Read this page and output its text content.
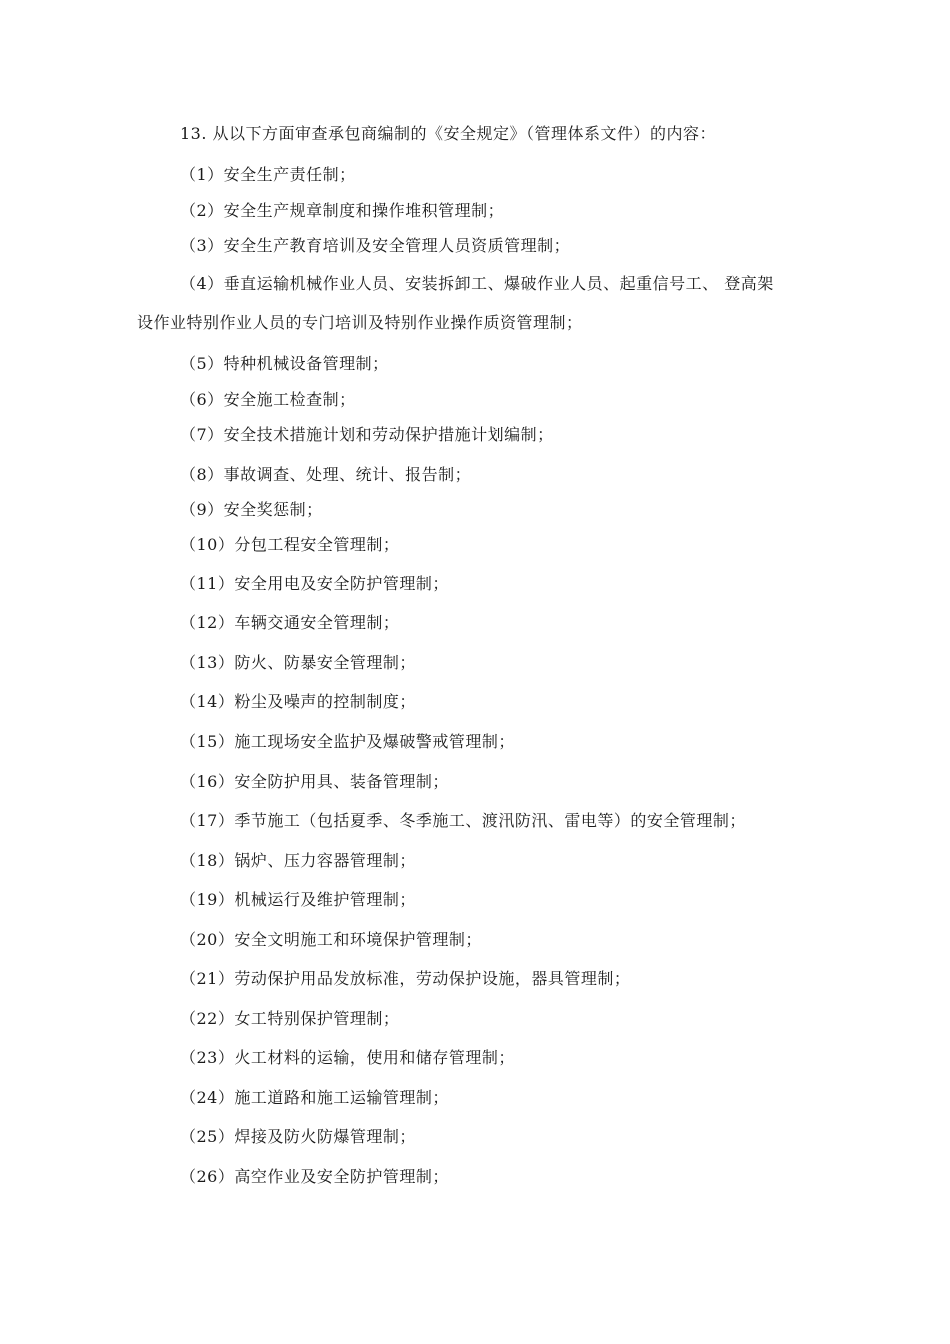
13. 从以下方面审查承包商编制的《安全规定》（管理体系文件）的内容：
（1）安全生产责任制；
（2）安全生产规章制度和操作堆积管理制；
（3）安全生产教育培训及安全管理人员资质管理制；
（4）垂直运输机械作业人员、安装拆卸工、爆破作业人员、起重信号工、 登高架
设作业特别作业人员的专门培训及特别作业操作质资管理制；
（5）特种机械设备管理制；
（6）安全施工检查制；
（7）安全技术措施计划和劳动保护措施计划编制；
（8）事故调查、处理、统计、报告制；
（9）安全奖惩制；
（10）分包工程安全管理制；
（11）安全用电及安全防护管理制；
（12）车辆交通安全管理制；
（13）防火、防暴安全管理制；
（14）粉尘及噪声的控制制度；
（15）施工现场安全监护及爆破警戒管理制；
（16）安全防护用具、装备管理制；
（17）季节施工（包括夏季、冬季施工、渡汛防汛、雷电等）的安全管理制；
（18）锅炉、压力容器管理制；
（19）机械运行及维护管理制；
（20）安全文明施工和环境保护管理制；
（21）劳动保护用品发放标准，劳动保护设施，器具管理制；
（22）女工特别保护管理制；
（23）火工材料的运输，使用和储存管理制；
（24）施工道路和施工运输管理制；
（25）焊接及防火防爆管理制；
（26）高空作业及安全防护管理制；
